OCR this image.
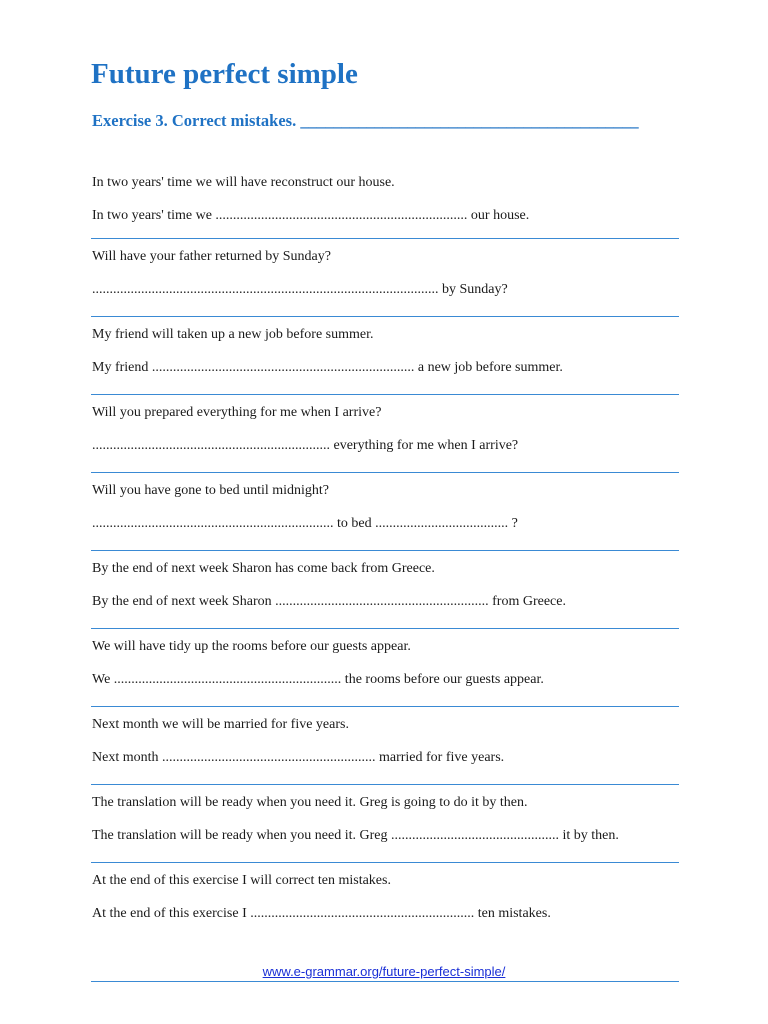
Future perfect simple
Exercise 3. Correct mistakes. _________________________________________
In two years' time we will have reconstruct our house.
In two years' time we ........................................................................ our house.
Will have your father returned by Sunday?
................................................................................................... by Sunday?
My friend will taken up a new job before summer.
My friend ........................................................................... a new job before summer.
Will you prepared everything for me when I arrive?
.................................................................... everything for me when I arrive?
Will you have gone to bed until midnight?
..................................................................... to bed ...................................... ?
By the end of next week Sharon has come back from Greece.
By the end of next week Sharon ............................................................. from Greece.
We will have tidy up the rooms before our guests appear.
We ................................................................. the rooms before our guests appear.
Next month we will be married for five years.
Next month ............................................................. married for five years.
The translation will be ready when you need it. Greg is going to do it by then.
The translation will be ready when you need it. Greg ................................................ it by then.
At the end of this exercise I will correct ten mistakes.
At the end of this exercise I ................................................................ ten mistakes.
www.e-grammar.org/future-perfect-simple/
